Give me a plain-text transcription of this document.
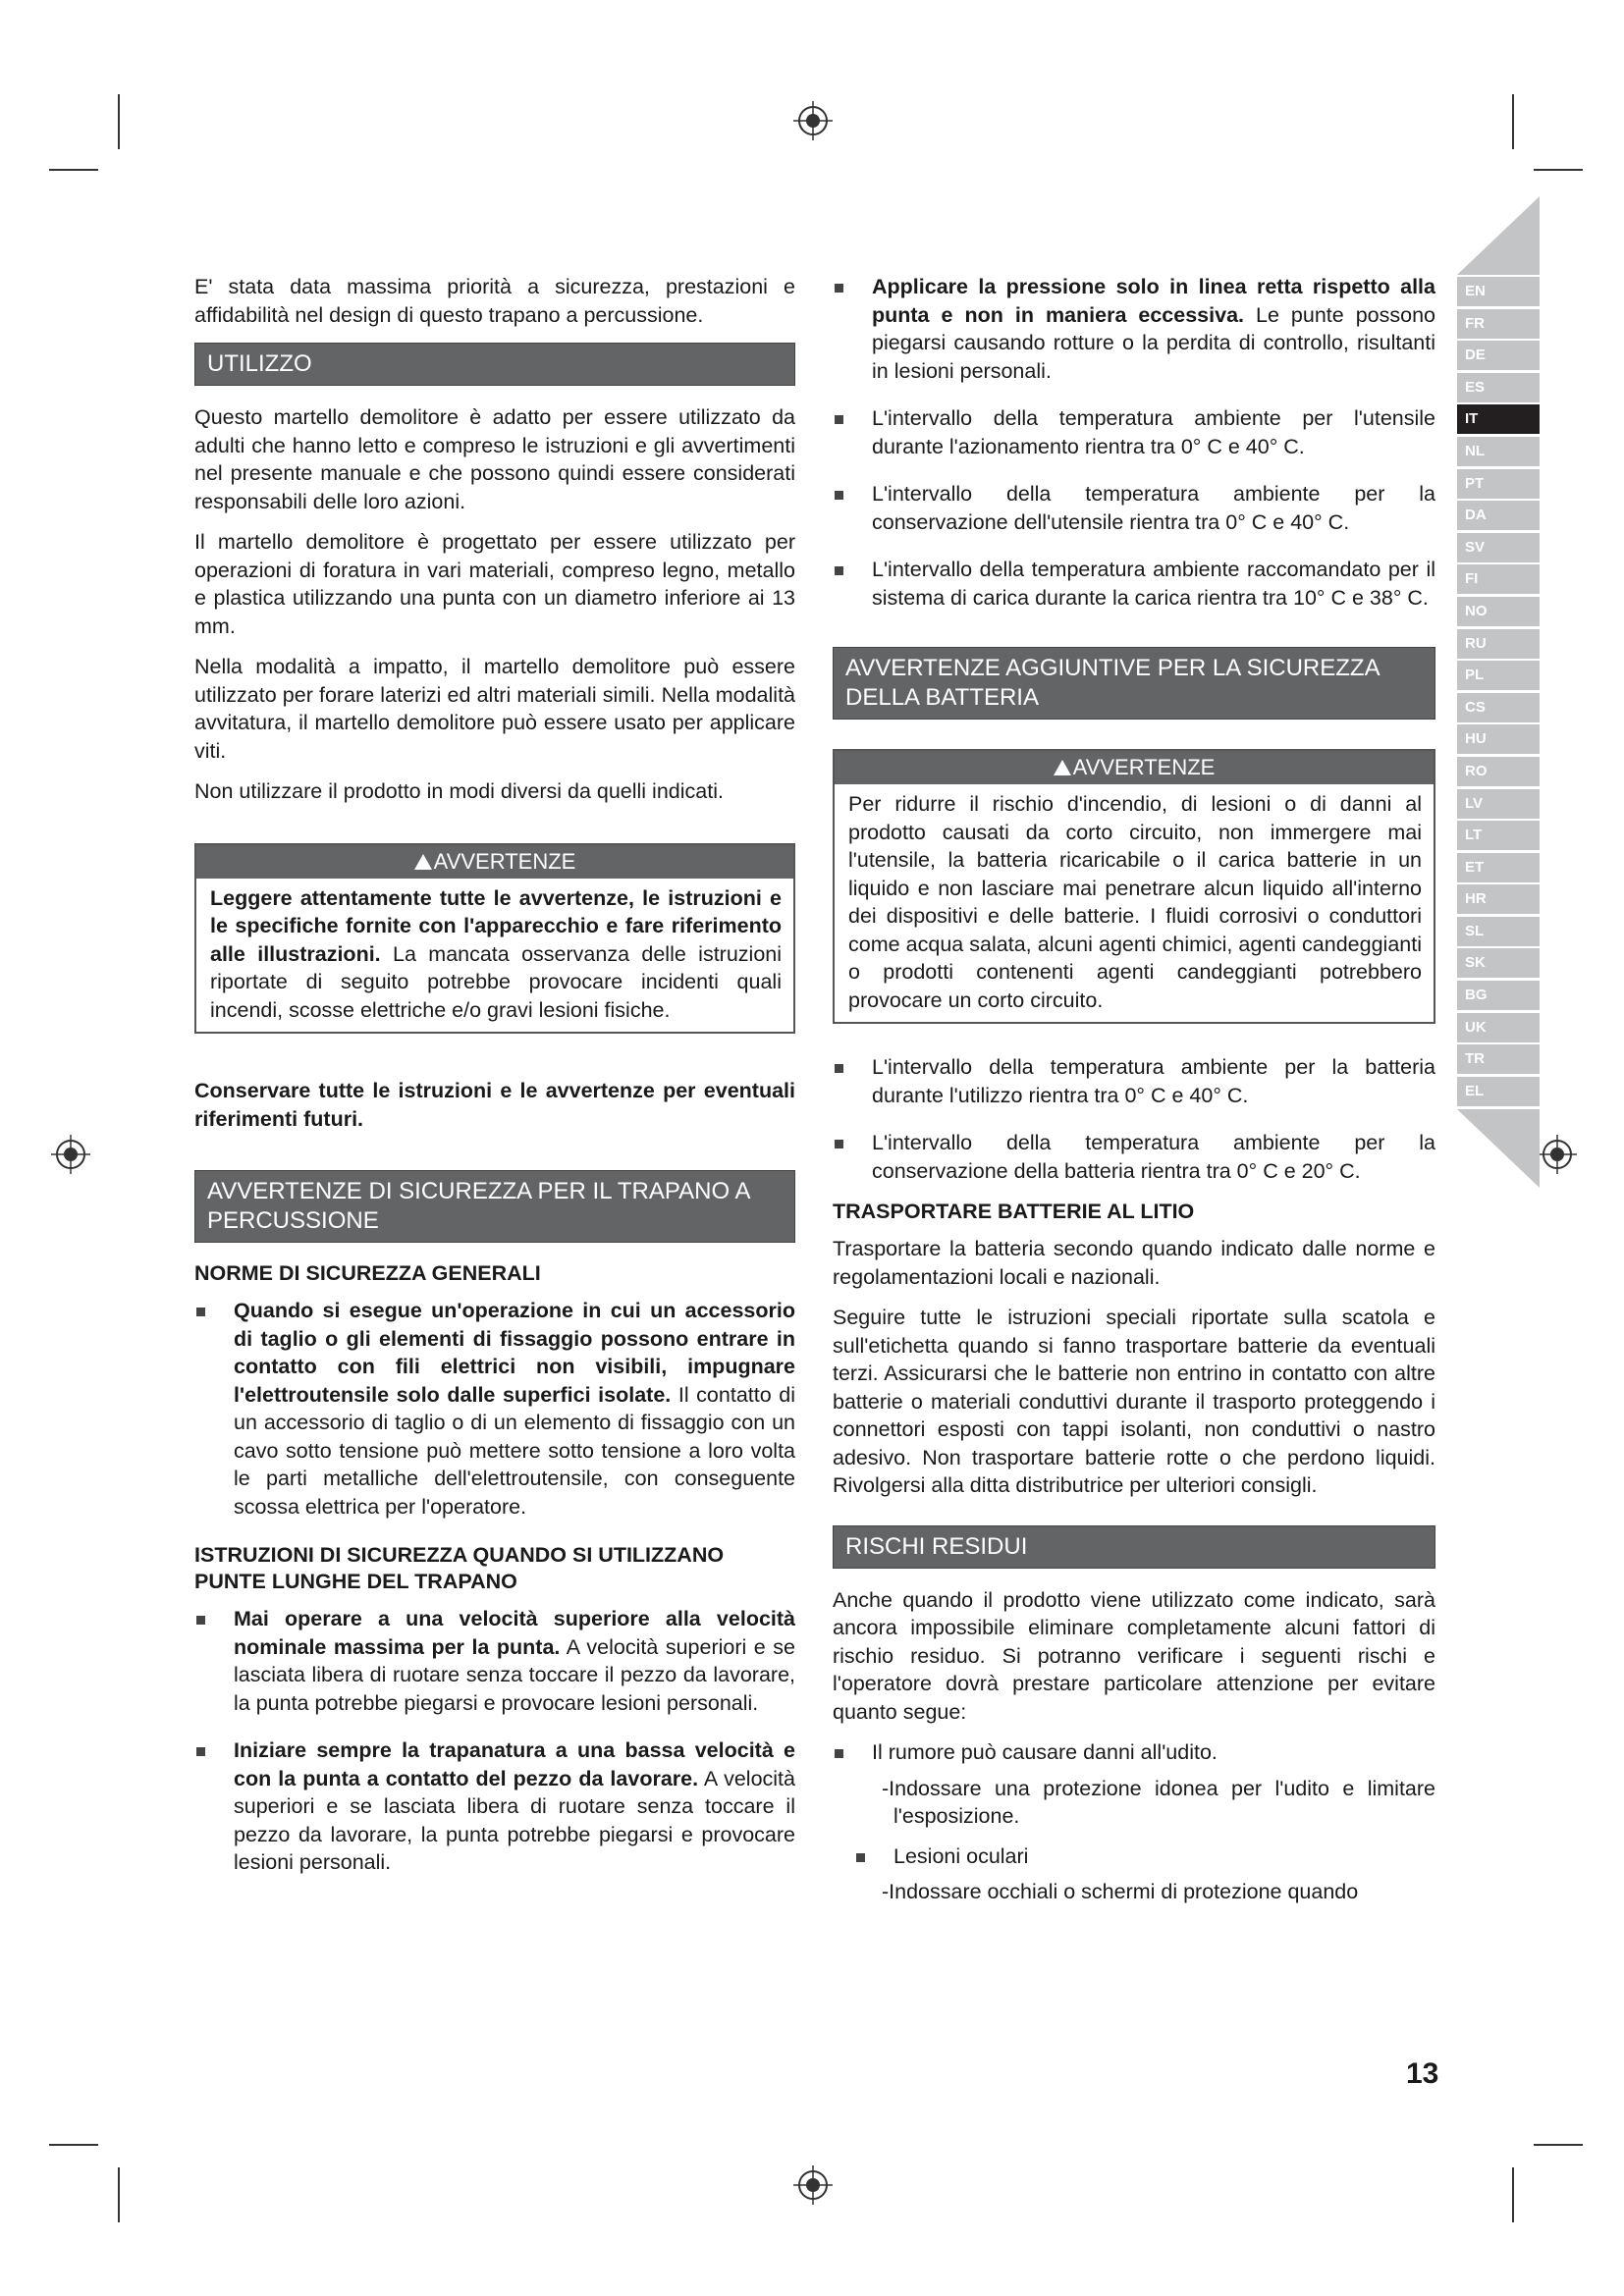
E' stata data massima priorità a sicurezza, prestazioni e affidabilità nel design di questo trapano a percussione.

UTILIZZO

Questo martello demolitore è adatto per essere utilizzato da adulti che hanno letto e compreso le istruzioni e gli avvertimenti nel presente manuale e che possono quindi essere considerati responsabili delle loro azioni.

Il martello demolitore è progettato per essere utilizzato per operazioni di foratura in vari materiali, compreso legno, metallo e plastica utilizzando una punta con un diametro inferiore ai 13 mm.

Nella modalità a impatto, il martello demolitore può essere utilizzato per forare laterizi ed altri materiali simili. Nella modalità avvitatura, il martello demolitore può essere usato per applicare viti.

Non utilizzare il prodotto in modi diversi da quelli indicati.

AVVERTENZE
Leggere attentamente tutte le avvertenze, le istruzioni e le specifiche fornite con l'apparecchio e fare riferimento alle illustrazioni. La mancata osservanza delle istruzioni riportate di seguito potrebbe provocare incidenti quali incendi, scosse elettriche e/o gravi lesioni fisiche.

Conservare tutte le istruzioni e le avvertenze per eventuali riferimenti futuri.

AVVERTENZE DI SICUREZZA PER IL TRAPANO A PERCUSSIONE
NORME DI SICUREZZA GENERALI
Quando si esegue un'operazione in cui un accessorio di taglio o gli elementi di fissaggio possono entrare in contatto con fili elettrici non visibili, impugnare l'elettroutensile solo dalle superfici isolate. Il contatto di un accessorio di taglio o di un elemento di fissaggio con un cavo sotto tensione può mettere sotto tensione a loro volta le parti metalliche dell'elettroutensile, con conseguente scossa elettrica per l'operatore.
ISTRUZIONI DI SICUREZZA QUANDO SI UTILIZZANO PUNTE LUNGHE DEL TRAPANO
Mai operare a una velocità superiore alla velocità nominale massima per la punta. A velocità superiori e se lasciata libera di ruotare senza toccare il pezzo da lavorare, la punta potrebbe piegarsi e provocare lesioni personali.
Iniziare sempre la trapanatura a una bassa velocità e con la punta a contatto del pezzo da lavorare. A velocità superiori e se lasciata libera di ruotare senza toccare il pezzo da lavorare, la punta potrebbe piegarsi e provocare lesioni personali.
Applicare la pressione solo in linea retta rispetto alla punta e non in maniera eccessiva. Le punte possono piegarsi causando rotture o la perdita di controllo, risultanti in lesioni personali.
L'intervallo della temperatura ambiente per l'utensile durante l'azionamento rientra tra 0° C e 40° C.
L'intervallo della temperatura ambiente per la conservazione dell'utensile rientra tra 0° C e 40° C.
L'intervallo della temperatura ambiente raccomandato per il sistema di carica durante la carica rientra tra 10° C e 38° C.
AVVERTENZE AGGIUNTIVE PER LA SICUREZZA DELLA BATTERIA
AVVERTENZE
Per ridurre il rischio d'incendio, di lesioni o di danni al prodotto causati da corto circuito, non immergere mai l'utensile, la batteria ricaricabile o il carica batterie in un liquido e non lasciare mai penetrare alcun liquido all'interno dei dispositivi e delle batterie. I fluidi corrosivi o conduttori come acqua salata, alcuni agenti chimici, agenti candeggianti o prodotti contenenti agenti candeggianti potrebbero provocare un corto circuito.
L'intervallo della temperatura ambiente per la batteria durante l'utilizzo rientra tra 0° C e 40° C.
L'intervallo della temperatura ambiente per la conservazione della batteria rientra tra 0° C e 20° C.
TRASPORTARE BATTERIE AL LITIO

Trasportare la batteria secondo quando indicato dalle norme e regolamentazioni locali e nazionali.

Seguire tutte le istruzioni speciali riportate sulla scatola e sull'etichetta quando si fanno trasportare batterie da eventuali terzi. Assicurarsi che le batterie non entrino in contatto con altre batterie o materiali conduttivi durante il trasporto proteggendo i connettori esposti con tappi isolanti, non conduttivi o nastro adesivo. Non trasportare batterie rotte o che perdono liquidi. Rivolgersi alla ditta distributrice per ulteriori consigli.

RISCHI RESIDUI

Anche quando il prodotto viene utilizzato come indicato, sarà ancora impossibile eliminare completamente alcuni fattori di rischio residuo. Si potranno verificare i seguenti rischi e l'operatore dovrà prestare particolare attenzione per evitare quanto segue:

Il rumore può causare danni all'udito.
-Indossare una protezione idonea per l'udito e limitare l'esposizione.
Lesioni oculari
-Indossare occhiali o schermi di protezione quando
EN
FR
DE
ES
IT
NL
PT
DA
SV
FI
NO
RU
PL
CS
HU
RO
LV
LT
ET
HR
SL
SK
BG
UK
TR
EL
13
